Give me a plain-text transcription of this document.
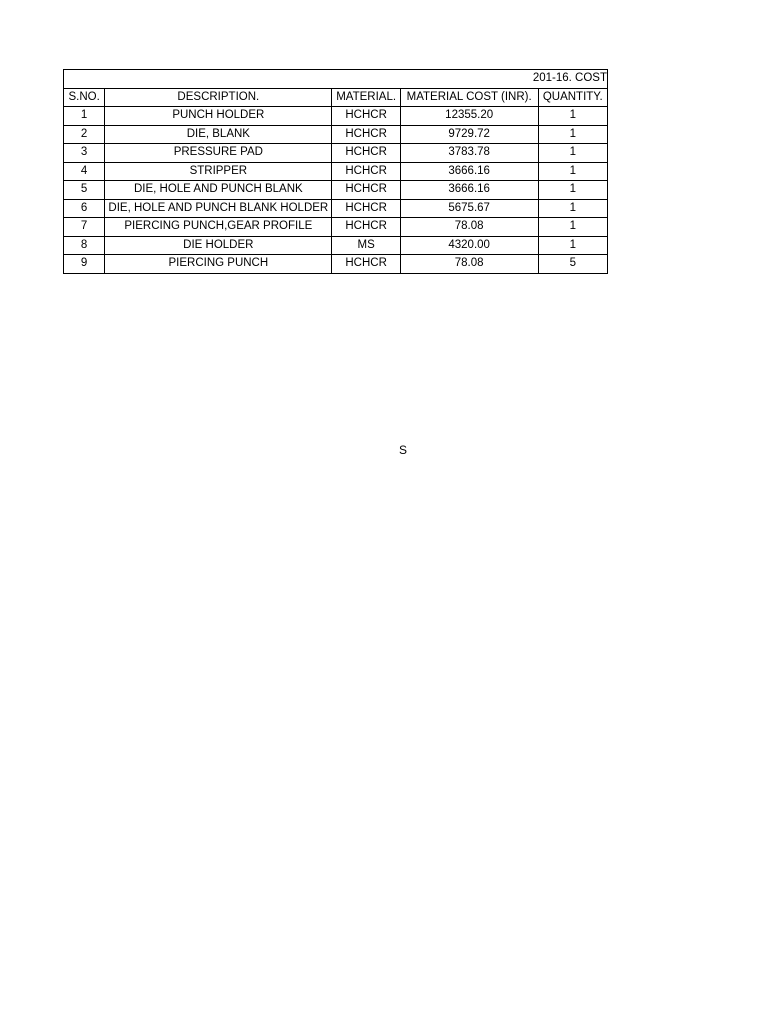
201-16. COST				
S.NO.	DESCRIPTION.	MATERIAL.	MATERIAL COST (INR).	QUANTITY.
1	PUNCH HOLDER	HCHCR	12355.20	1
2	DIE, BLANK	HCHCR	9729.72	1
3	PRESSURE PAD	HCHCR	3783.78	1
4	STRIPPER	HCHCR	3666.16	1
5	DIE, HOLE AND PUNCH BLANK	HCHCR	3666.16	1
6	DIE, HOLE AND PUNCH BLANK HOLDER	HCHCR	5675.67	1
7	PIERCING PUNCH,GEAR PROFILE	HCHCR	78.08	1
8	DIE HOLDER	MS	4320.00	1
9	PIERCING PUNCH	HCHCR	78.08	5
S
